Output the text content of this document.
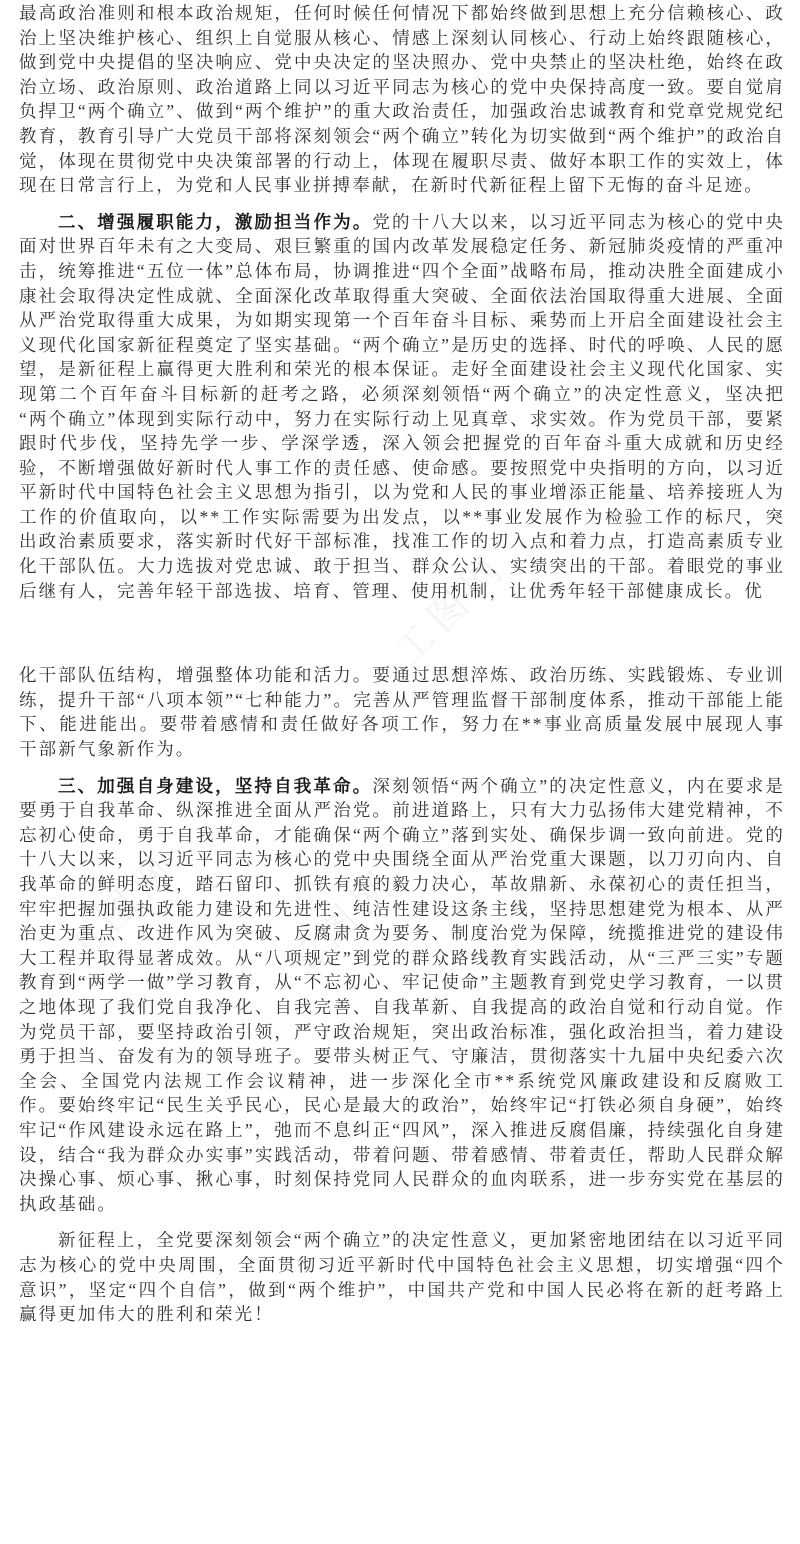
工图网
工图网 工图网

最高政治准则和根本政治规矩，任何时候任何情况下都始终做到思想上充分信赖核心、政治上坚决维护核心、组织上自觉服从核心、情感上深刻认同核心、行动上始终跟随核心，做到党中央提倡的坚决响应、党中央决定的坚决照办、党中央禁止的坚决杜绝，始终在政治立场、政治原则、政治道路上同以习近平同志为核心的党中央保持高度一致。要自觉肩负捍卫“两个确立”、做到“两个维护”的重大政治责任，加强政治忠诚教育和党章党规党纪教育，教育引导广大党员干部将深刻领会“两个确立”转化为切实做到“两个维护”的政治自觉，体现在贯彻党中央决策部署的行动上，体现在履职尽责、做好本职工作的实效上，体现在日常言行上，为党和人民事业拼搏奉献，在新时代新征程上留下无悔的奋斗足迹。

二、增强履职能力，激励担当作为。党的十八大以来，以习近平同志为核心的党中央面对世界百年未有之大变局、艰巨繁重的国内改革发展稳定任务、新冠肺炎疫情的严重冲击，统筹推进“五位一体”总体布局，协调推进“四个全面”战略布局，推动决胜全面建成小康社会取得决定性成就、全面深化改革取得重大突破、全面依法治国取得重大进展、全面从严治党取得重大成果，为如期实现第一个百年奋斗目标、乘势而上开启全面建设社会主义现代化国家新征程奠定了坚实基础。“两个确立”是历史的选择、时代的呼唤、人民的愿望，是新征程上赢得更大胜利和荣光的根本保证。走好全面建设社会主义现代化国家、实现第二个百年奋斗目标新的赶考之路，必须深刻领悟“两个确立”的决定性意义，坚决把“两个确立”体现到实际行动中，努力在实际行动上见真章、求实效。作为党员干部，要紧跟时代步伐，坚持先学一步、学深学透，深入领会把握党的百年奋斗重大成就和历史经验，不断增强做好新时代人事工作的责任感、使命感。要按照党中央指明的方向，以习近平新时代中国特色社会主义思想为指引，以为党和人民的事业增添正能量、培养接班人为工作的价值取向，以**工作实际需要为出发点，以**事业发展作为检验工作的标尺，突出政治素质要求，落实新时代好干部标准，找准工作的切入点和着力点，打造高素质专业化干部队伍。大力选拔对党忠诚、敢于担当、群众公认、实绩突出的干部。着眼党的事业后继有人，完善年轻干部选拔、培育、管理、使用机制，让优秀年轻干部健康成长。优

化干部队伍结构，增强整体功能和活力。要通过思想淬炼、政治历练、实践锻炼、专业训练，提升干部“八项本领”“七种能力”。完善从严管理监督干部制度体系，推动干部能上能下、能进能出。要带着感情和责任做好各项工作，努力在**事业高质量发展中展现人事干部新气象新作为。

三、加强自身建设，坚持自我革命。深刻领悟“两个确立”的决定性意义，内在要求是要勇于自我革命、纵深推进全面从严治党。前进道路上，只有大力弘扬伟大建党精神，不忘初心使命，勇于自我革命，才能确保“两个确立”落到实处、确保步调一致向前进。党的十八大以来，以习近平同志为核心的党中央围绕全面从严治党重大课题，以刀刃向内、自我革命的鲜明态度，踏石留印、抓铁有痕的毅力决心，革故鼎新、永葆初心的责任担当，牢牢把握加强执政能力建设和先进性、纯洁性建设这条主线，坚持思想建党为根本、从严治吏为重点、改进作风为突破、反腐肃贪为要务、制度治党为保障，统揽推进党的建设伟大工程并取得显著成效。从“八项规定”到党的群众路线教育实践活动，从“三严三实”专题教育到“两学一做”学习教育，从“不忘初心、牢记使命”主题教育到党史学习教育，一以贯之地体现了我们党自我净化、自我完善、自我革新、自我提高的政治自觉和行动自觉。作为党员干部，要坚持政治引领，严守政治规矩，突出政治标准，强化政治担当，着力建设勇于担当、奋发有为的领导班子。要带头树正气、守廉洁，贯彻落实十九届中央纪委六次全会、全国党内法规工作会议精神，进一步深化全市**系统党风廉政建设和反腐败工作。要始终牢记“民生关乎民心，民心是最大的政治”，始终牢记“打铁必须自身硬”，始终牢记“作风建设永远在路上”，弛而不息纠正“四风”，深入推进反腐倡廉，持续强化自身建设，结合“我为群众办实事”实践活动，带着问题、带着感情、带着责任，帮助人民群众解决操心事、烦心事、揪心事，时刻保持党同人民群众的血肉联系，进一步夯实党在基层的执政基础。

新征程上，全党要深刻领会“两个确立”的决定性意义，更加紧密地团结在以习近平同志为核心的党中央周围，全面贯彻习近平新时代中国特色社会主义思想，切实增强“四个意识”，坚定“四个自信”，做到“两个维护”，中国共产党和中国人民必将在新的赶考路上赢得更加伟大的胜利和荣光！
